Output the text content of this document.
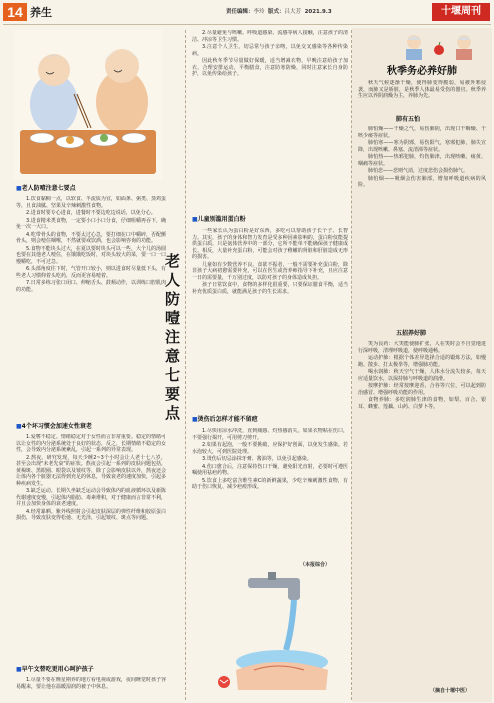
14 养生	责任编辑：李玲 版式：吕大芳 2021.9.3	十堰周刊
老人防噎注意七要点
■老人防噎注意七要点

1.饮食黏稠一点，以软食、半流质为宜，如面条、粥类、蒸鸡蛋等，且食油腻、坚果及辛辣刺激性食物。

2.进食时要专心进食，进餐时不要边吃边说话，以免分心。

3.进食精米类食物，一定要小口小口分食，仔细咀嚼再吞下，确免一次一大口。

4.吃带骨头的食物，不要太过心急，要打细在口中嚼碎，否配颤骨头，则会噎住咽喉，不然就要戒饮酒，也会影响咨询的功能。

5.食物不能块头过大，在夏以要时块头可以一些，大个儿的汤圆也要在其他老人噎住，在饿饿吃饭时，对块头较大的菜，要一口一口慢嚼吃，不可过急。

6.头部角度往下时，气管开口较小，则以进食时尽量低下头，有些老人习惯仰着头吃药，反而更容易噎着。

7.日常多练习张口闭口、伸缩舌头、鼓颊动作，以训练口腔肌肉的功能。

■4个坏习惯会加速女性衰老

1.爱嗜不稳定。情绪稳定对于女性而言非常重要。稳定的情绪可以让女性的内分泌系统处于良好的状态，反之，长期情绪不稳定的女性，会导致内分泌系统紊乱，引起一系列的异常表现。

2.熬夜。研究发现，每天少睡2~3个小时会让人老十七八岁，甚至会出现"未老先衰"的症状。熬夜会引起一系列的皮肤问题包括，黄褐斑、黑眼圈、眼袋以及皱纹等，除了会影响皮肤以外，熬夜还会让体内各个脏器无法得到充足的休息，导致衰老的速度加快，引起多种疾病发生。

3.缺乏运动。长期久坐缺乏运动会导致体内的血液循环以及新陈代谢速度变慢，引起体内脂肪、毒素堆积，对于健康而言非常不利，并且会加快身体的衰老速度。

4.经常暴晒。紫外线照射会引起皮肤深层的弹性纤维和胶原蛋白损伤，导致皮肤变得松弛、无光泽，引起皱纹、斑点等问题。

■早午文替吃更用心呵护孩子

1.尽量不要在晚星期养的地方看电视或游戏，夜间睡觉时孩子容易醒来，要让他在温暖湿润的被子中休息。

2.尽量避免与咳嗽、呼吸道感染、流感等病人接触，注意孩子的清洁、冲凉等卫生习惯。

3.注意个人卫生，切忌常与孩子亲吻，以免交叉感染等各种传染病。

因此秋冬季节尽量做好保暖，适当增减衣物，早晚注意给孩子加衣，合理安排运动，平衡膳食，注意防寒防燥，同时注意家长自身防护，以免传染给孩子。

■儿童别滥用蛋白粉

一些家长认为蛋白粉是好东西，多吃可以帮助孩子长个子、长智力。其实，孩子的身体和智力发育是受多种因素影响的，蛋白粉仅能提供蛋白质，只是氨体营养中的一部分，它所不能单不能确保孩子健康成长。相反，大量补充蛋白粉，可能会对孩子稚嫩的肾脏和肝脏造成无形的损害。

儿童如有少数营养不良、食欲不振者，一般不需要补充蛋白粉，除非孩子大病初愈需要补充，可以在医生或营养师指导下补充，且应注意一日的需要量，千万别过度，以防对孩子的身体造成负担。

孩子日常饮食中，食物的多样化很重要，只要保证膳食平衡，适当补充优质蛋白质，就能满足孩子的生长需求。

■烫伤后怎样才能不留疤

1.尽快用凉水冲洗，直到痛感、灼热感消失。如果衣物粘在伤口，不要强行揭开，可用剪刀剪开。

2.如果有起泡，一般不要挑破，应保护好创面，以免发生感染。若水泡较大，可到医院处理。

3.烫伤后切忌涂抹牙膏、酱油等，以免引起感染。

4.伤口愈合后，注意保持伤口干燥，避免阳光直射，必要时可遵医嘱使用祛疤药物。

5.饮食上多吃富含维生素C的新鲜蔬果，少吃辛辣刺激性食物，有助于伤口恢复、减少疤痕形成。

（本报综合）
秋季务必养好肺

秋天气候逐渐干燥，使得肺变得脆弱，易被外邪侵袭，而肺又是娇脏，是秋季人体最易受伤的器官。秋季养生应以养阴润燥为主，养肺为先。

肺有五怕

肺怕燥——干燥之气，易伤肺阴，出现口干咽燥、干咳少痰等症状。

肺怕寒——寒为阴邪，易伤阳气，寒邪犯肺，肺失宣降，出现咳嗽、鼻塞、流清涕等症状。

肺怕热——热邪犯肺，灼伤肺津，出现咳嗽、痰黄、咽痛等症状。

肺怕悲——悲则气消，过度悲伤会损伤肺气。

肺怕烟——吸烟会伤害肺部，增加呼吸道疾病的风险。

五招养好肺

笑为良药：大笑能使肺扩张，人在笑时会不自觉地进行深呼吸，清理呼吸道，使呼吸通畅。

运动护肺：根据个体差异选择合适的锻炼方法，如慢跑、散步、打太极拳等，增强肺功能。

喝水润肺：秋天空气干燥，人体水分流失较多，每天应适量饮水，以保持肺与呼吸道的润滑。

按摩护肺：经常按摩迎香、合谷等穴位，可以起到防治感冒、增强呼吸功能的作用。

食物养肺：多吃润肺生津的食物，如梨、百合、银耳、蜂蜜、莲藕、山药、白萝卜等。

（摘自十堰中医）
